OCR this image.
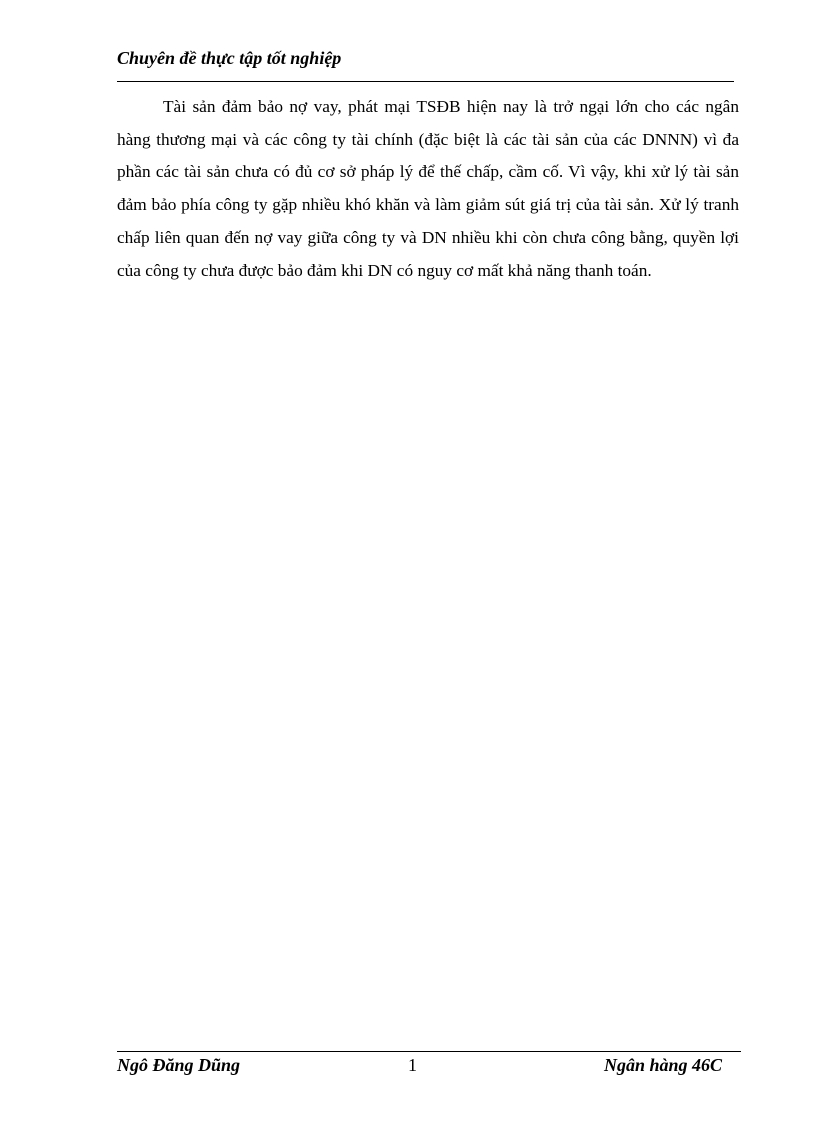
Chuyên đề thực tập tốt nghiệp

Tài sản đảm bảo nợ vay, phát mại TSĐB hiện nay là trở ngại lớn cho các ngân hàng thương mại và các công ty tài chính (đặc biệt là các tài sản của các DNNN) vì đa phần các tài sản chưa có đủ cơ sở pháp lý để thế chấp, cầm cố. Vì vậy, khi xử lý tài sản đảm bảo phía công ty gặp nhiều khó khăn và làm giảm sút giá trị của tài sản. Xử lý tranh chấp liên quan đến nợ vay giữa công ty và DN nhiều khi còn chưa công bằng, quyền lợi của công ty chưa được bảo đảm khi DN có nguy cơ mất khả năng thanh toán.

Ngô Đăng Dũng	1	Ngân hàng 46C
